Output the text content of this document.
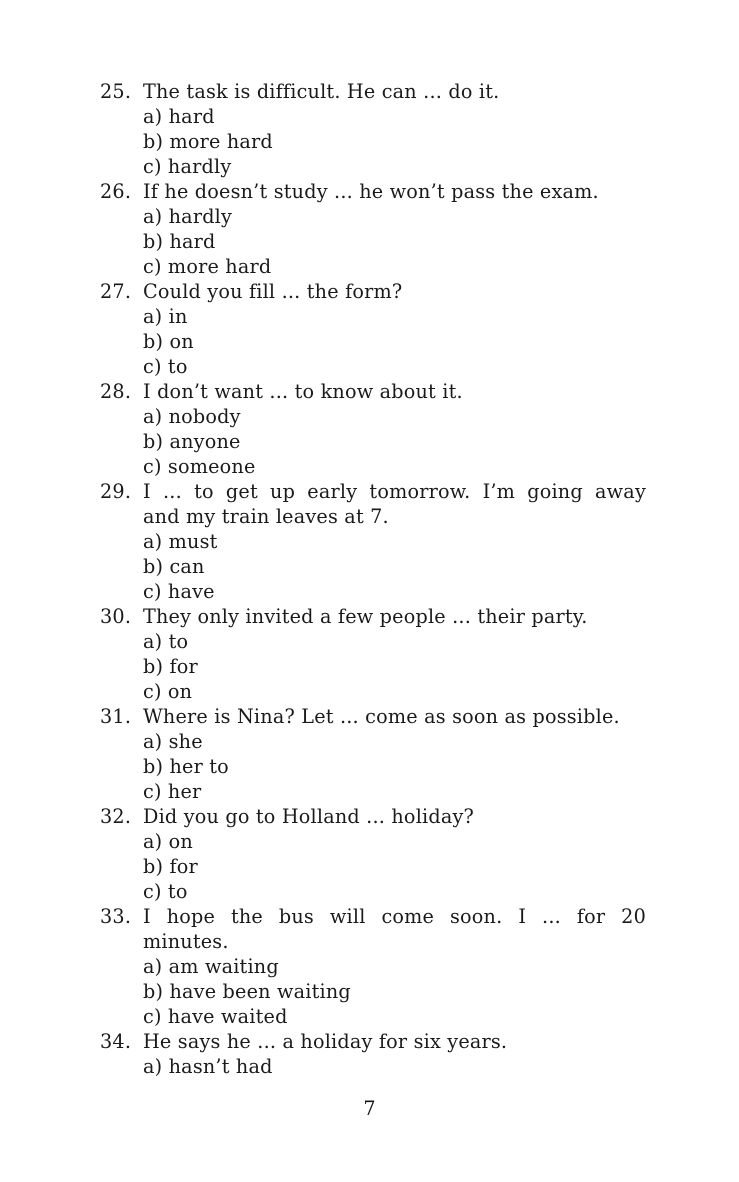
25. The task is difficult. He can ... do it.
a) hard
b) more hard
c) hardly
26. If he doesn’t study ... he won’t pass the exam.
a) hardly
b) hard
c) more hard
27. Could you fill ... the form?
a) in
b) on
c) to
28. I don’t want ... to know about it.
a) nobody
b) anyone
c) someone
29. I ... to get up early tomorrow. I’m going away
and my train leaves at 7.
a) must
b) can
c) have
30. They only invited a few people ... their party.
a) to
b) for
c) on
31. Where is Nina? Let ... come as soon as possible.
a) she
b) her to
c) her
32. Did you go to Holland ... holiday?
a) on
b) for
c) to
33. I hope the bus will come soon. I ... for 20
minutes.
a) am waiting
b) have been waiting
c) have waited
34. He says he ... a holiday for six years.
a) hasn’t had
7
